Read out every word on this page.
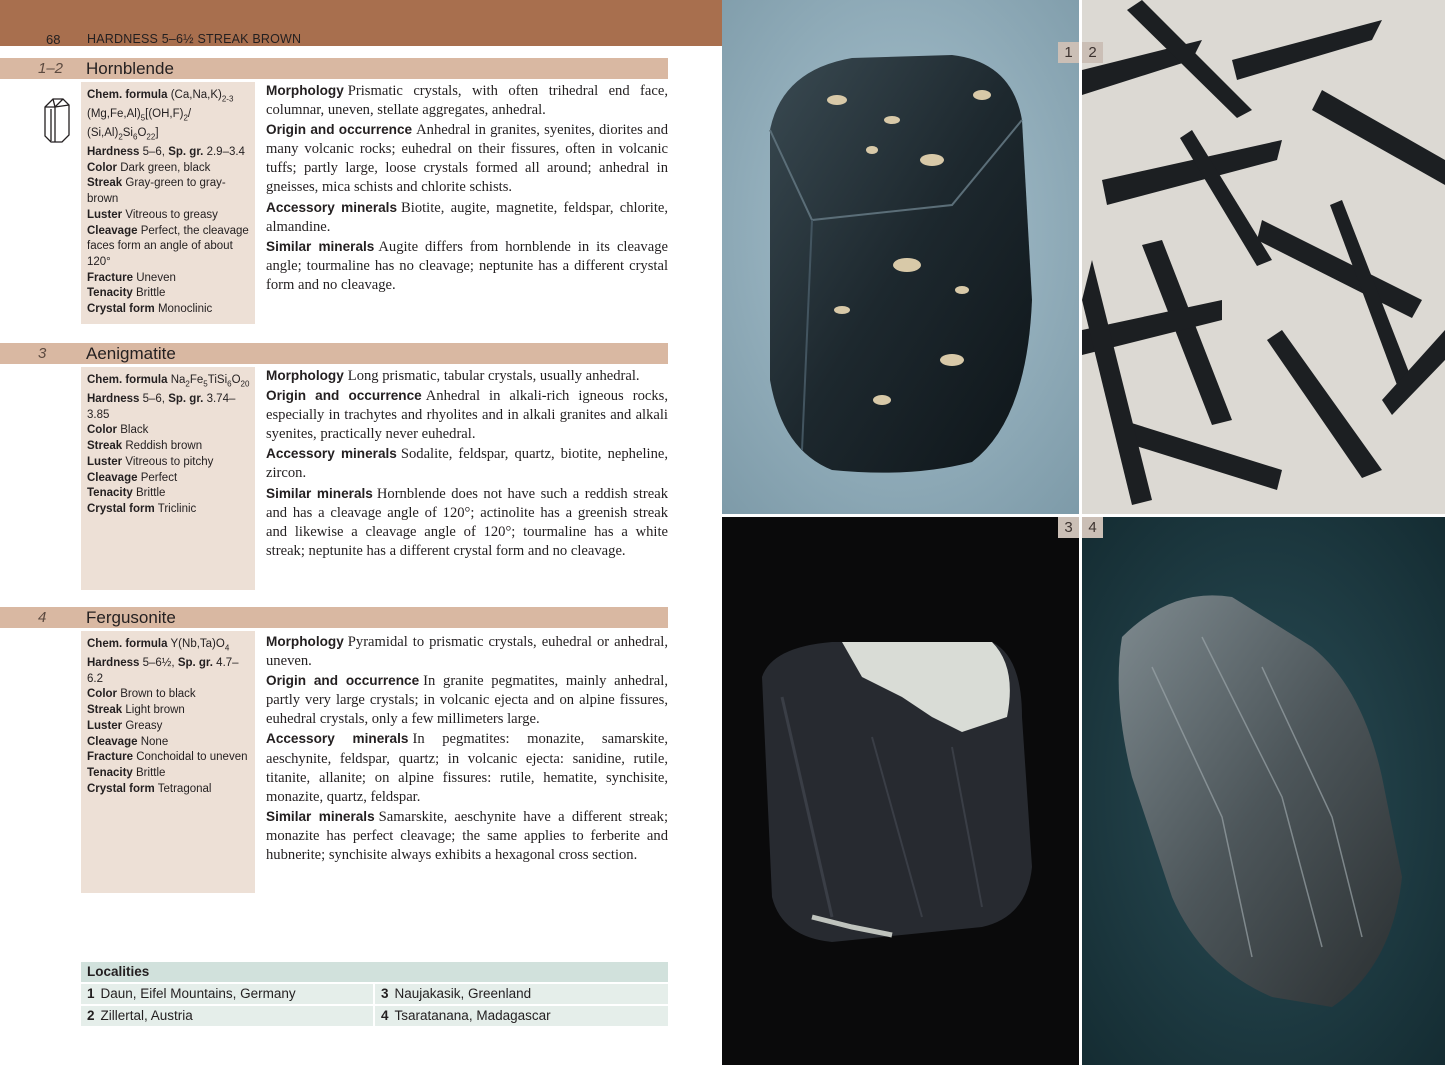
68 HARDNESS 5–6½ STREAK BROWN
1–2 Hornblende
Chem. formula $(Ca,Na,K)_{2-3}$ $(Mg,Fe,Al)_5[(OH,F)_2/$ $(Si,Al)_2Si_6O_{22}$]
Hardness 5–6, Sp. gr. 2.9–3.4
Color Dark green, black
Streak Gray-green to gray-brown
Luster Vitreous to greasy
Cleavage Perfect, the cleavage faces form an angle of about 120°
Fracture Uneven
Tenacity Brittle
Crystal form Monoclinic

Morphology Prismatic crystals, with often trihedral end face, columnar, uneven, stellate aggregates, anhedral.

Origin and occurrence Anhedral in granites, syenites, diorites and many volcanic rocks; euhedral on their fissures, often in volcanic tuffs; partly large, loose crystals formed all around; anhedral in gneisses, mica schists and chlorite schists.

Accessory minerals Biotite, augite, magnetite, feldspar, chlorite, almandine.

Similar minerals Augite differs from hornblende in its cleavage angle; tourmaline has no cleavage; neptunite has a different crystal form and no cleavage.

3 Aenigmatite
Chem. formula $Na_2Fe_5TiSi_6O_{20}$
Hardness 5–6, Sp. gr. 3.74–3.85
Color Black
Streak Reddish brown
Luster Vitreous to pitchy
Cleavage Perfect
Tenacity Brittle
Crystal form Triclinic

Morphology Long prismatic, tabular crystals, usually anhedral.

Origin and occurrence Anhedral in alkali-rich igneous rocks, especially in trachytes and rhyolites and in alkali granites and alkali syenites, practically never euhedral.

Accessory minerals Sodalite, feldspar, quartz, biotite, nepheline, zircon.

Similar minerals Hornblende does not have such a reddish streak and has a cleavage angle of 120°; actinolite has a greenish streak and likewise a cleavage angle of 120°; tourmaline has a white streak; neptunite has a different crystal form and no cleavage.

4 Fergusonite
Chem. formula $Y(Nb,Ta)O_4$
Hardness 5–6½, Sp. gr. 4.7–6.2
Color Brown to black
Streak Light brown
Luster Greasy
Cleavage None
Fracture Conchoidal to uneven
Tenacity Brittle
Crystal form Tetragonal

Morphology Pyramidal to prismatic crystals, euhedral or anhedral, uneven.

Origin and occurrence In granite pegmatites, mainly anhedral, partly very large crystals; in volcanic ejecta and on alpine fissures, euhedral crystals, only a few millimeters large.

Accessory minerals In pegmatites: monazite, samarskite, aeschynite, feldspar, quartz; in volcanic ejecta: sanidine, rutile, titanite, allanite; on alpine fissures: rutile, hematite, synchisite, monazite, quartz, feldspar.

Similar minerals Samarskite, aeschynite have a different streak; monazite has perfect cleavage; the same applies to ferberite and hubnerite; synchisite always exhibits a hexagonal cross section.

Localities
1 Daun, Eifel Mountains, Germany	3 Naujakasik, Greenland
2 Zillertal, Austria	4 Tsaratanana, Madagascar
1	2
3	4
